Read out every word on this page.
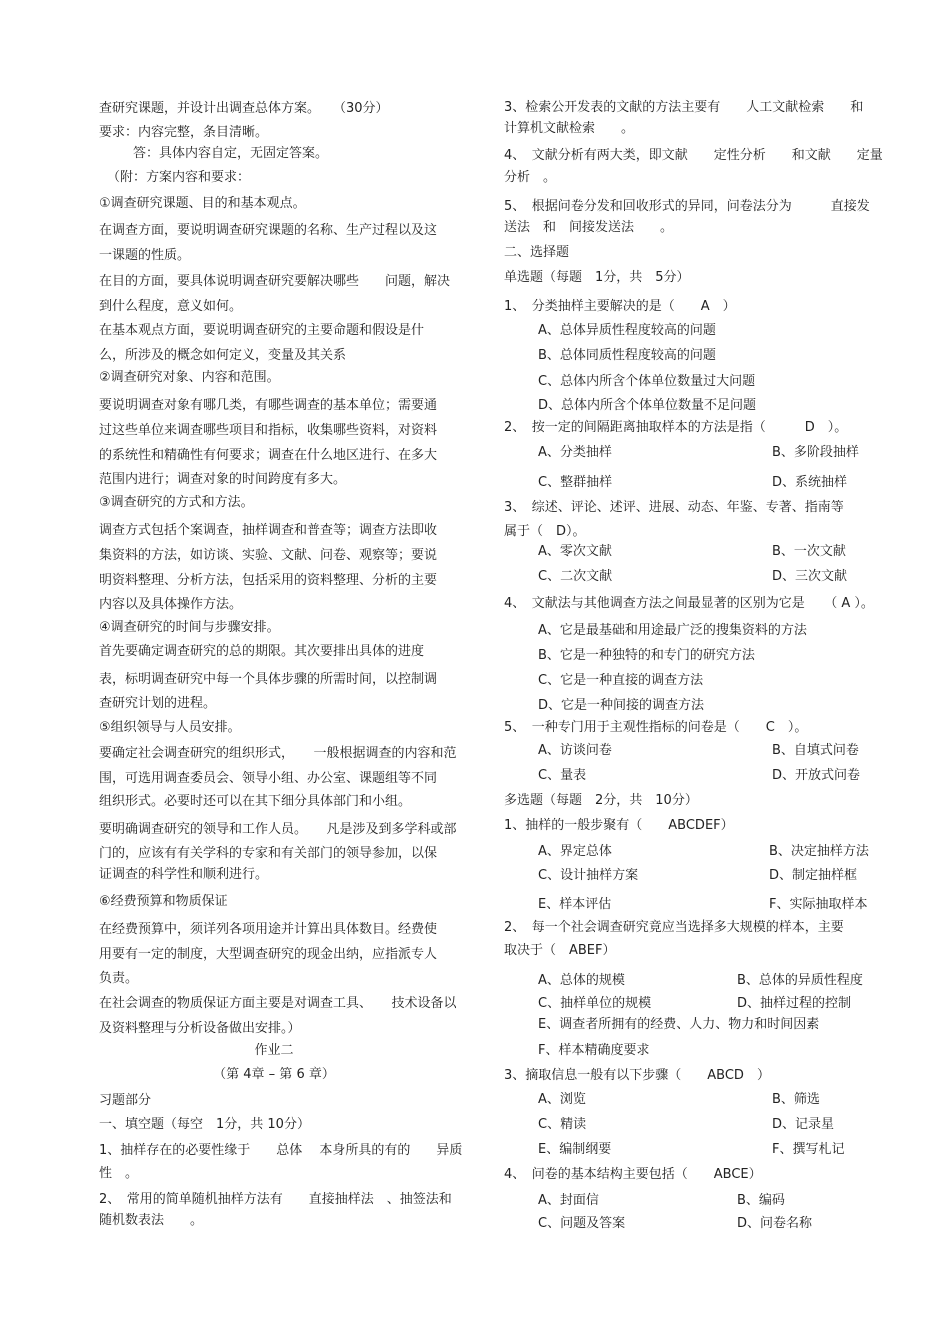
查研究课题，并设计出调查总体方案。　　（30分）
要求：内容完整，条目清晰。
答：具体内容自定，无固定答案。
（附：方案内容和要求：
①调查研究课题、目的和基本观点。
在调查方面，要说明调查研究课题的名称、生产过程以及这
一课题的性质。
在目的方面，要具体说明调查研究要解决哪些　　问题，解决
到什么程度，意义如何。
在基本观点方面，要说明调查研究的主要命题和假设是什
么，所涉及的概念如何定义，变量及其关系
②调查研究对象、内容和范围。
要说明调查对象有哪几类，有哪些调查的基本单位；需要通
过这些单位来调查哪些项目和指标，收集哪些资料，对资料
的系统性和精确性有何要求；调查在什么地区进行、在多大
范围内进行；调查对象的时间跨度有多大。
③调查研究的方式和方法。
调查方式包括个案调查，抽样调查和普查等；调查方法即收
集资料的方法，如访谈、实验、文献、问卷、观察等；要说
明资料整理、分析方法，包括采用的资料整理、分析的主要
内容以及具体操作方法。
④调查研究的时间与步骤安排。
首先要确定调查研究的总的期限。其次要排出具体的进度
表，标明调查研究中每一个具体步骤的所需时间，以控制调
查研究计划的进程。
⑤组织领导与人员安排。
要确定社会调查研究的组织形式，　　一般根据调查的内容和范
围，可选用调查委员会、领导小组、办公室、课题组等不同
组织形式。必要时还可以在其下细分具体部门和小组。
要明确调查研究的领导和工作人员。　　凡是涉及到多学科或部
门的，应该有有关学科的专家和有关部门的领导参加，以保
证调查的科学性和顺利进行。
⑥经费预算和物质保证
在经费预算中，须详列各项用途并计算出具体数目。经费使
用要有一定的制度，大型调查研究的现金出纳，应指派专人
负责。
在社会调查的物质保证方面主要是对调查工具、　　技术设备以
及资料整理与分析设备做出安排。）
作业二
（第 4章 – 第 6 章）
习题部分
一、填空题（每空　1分，共 10分）
1、抽样存在的必要性缘于　　总体　 本身所具的有的　　异质
性　。
2、　常用的简单随机抽样方法有　　直接抽样法　、抽签法和
随机数表法　　。
3、检索公开发表的文献的方法主要有　　人工文献检索　　和
计算机文献检索　　。
4、　文献分析有两大类，即文献　　定性分析　　和文献　　定量
分析　。
5、　根据问卷分发和回收形式的异同，问卷法分为　　　直接发
送法　和　间接发送法　　。
二、选择题
单选题（每题　1分，共　5分）
1、　分类抽样主要解决的是（　　A　）
A、总体异质性程度较高的问题
B、总体同质性程度较高的问题
C、总体内所含个体单位数量过大问题
D、总体内所含个体单位数量不足问题
2、　按一定的间隔距离抽取样本的方法是指（　　　D　）。
A、分类抽样	B、多阶段抽样
C、整群抽样	D、系统抽样
3、　综述、评论、述评、进展、动态、年鉴、专著、指南等
属于（　D）。
A、零次文献	B、一次文献
C、二次文献	D、三次文献
4、　文献法与其他调查方法之间最显著的区别为它是　　（ A ）。
A、它是最基础和用途最广泛的搜集资料的方法
B、它是一种独特的和专门的研究方法
C、它是一种直接的调查方法
D、它是一种间接的调查方法
5、　一种专门用于主观性指标的问卷是（　　C　）。
A、访谈问卷	B、自填式问卷
C、量表	D、开放式问卷
多选题（每题　2分，共　10分）
1、抽样的一般步聚有（　　ABCDEF）
A、界定总体	B、决定抽样方法
C、设计抽样方案	D、制定抽样框
E、样本评估	F、实际抽取样本
2、　每一个社会调查研究竟应当选择多大规模的样本，主要
取决于（　ABEF）
A、总体的规模	B、总体的异质性程度
C、抽样单位的规模	D、抽样过程的控制
E、调查者所拥有的经费、人力、物力和时间因素
F、样本精确度要求
3、摘取信息一般有以下步骤（　　ABCD　）
A、浏览	B、筛选
C、精读	D、记录星
E、编制纲要	F、撰写札记
4、　问卷的基本结构主要包括（　　ABCE）
A、封面信	B、编码
C、问题及答案	D、问卷名称
